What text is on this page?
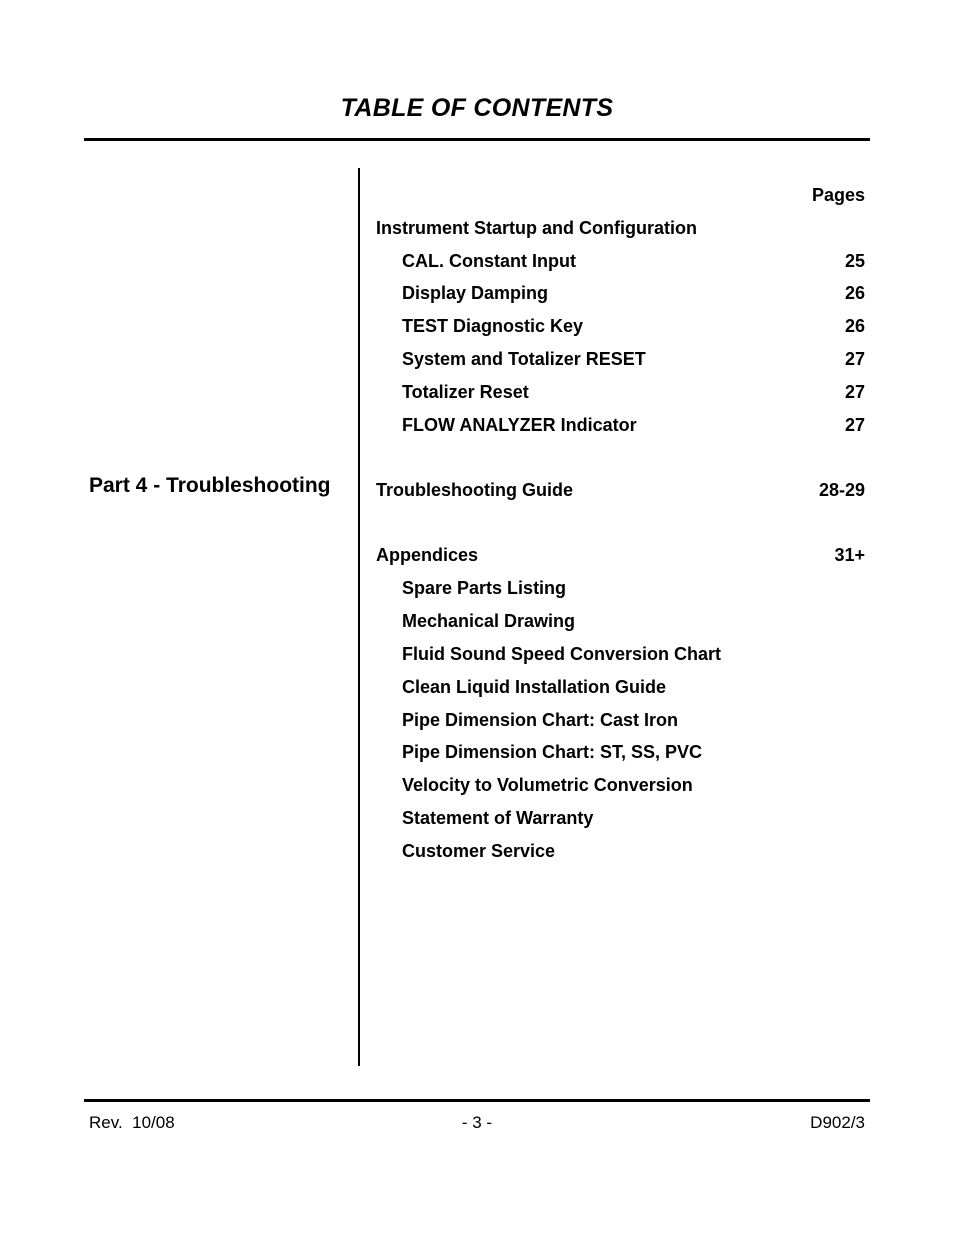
TABLE OF CONTENTS
Part 4 - Troubleshooting
Pages
Instrument Startup and Configuration
CAL. Constant Input	25
Display Damping	26
TEST Diagnostic Key	26
System and Totalizer RESET	27
Totalizer Reset	27
FLOW ANALYZER Indicator	27
Troubleshooting Guide	28-29
Appendices	31+
Spare Parts Listing
Mechanical Drawing
Fluid Sound Speed Conversion Chart
Clean Liquid Installation Guide
Pipe Dimension Chart: Cast Iron
Pipe Dimension Chart: ST, SS, PVC
Velocity to Volumetric Conversion
Statement of Warranty
Customer Service
Rev.  10/08	- 3 -	D902/3
